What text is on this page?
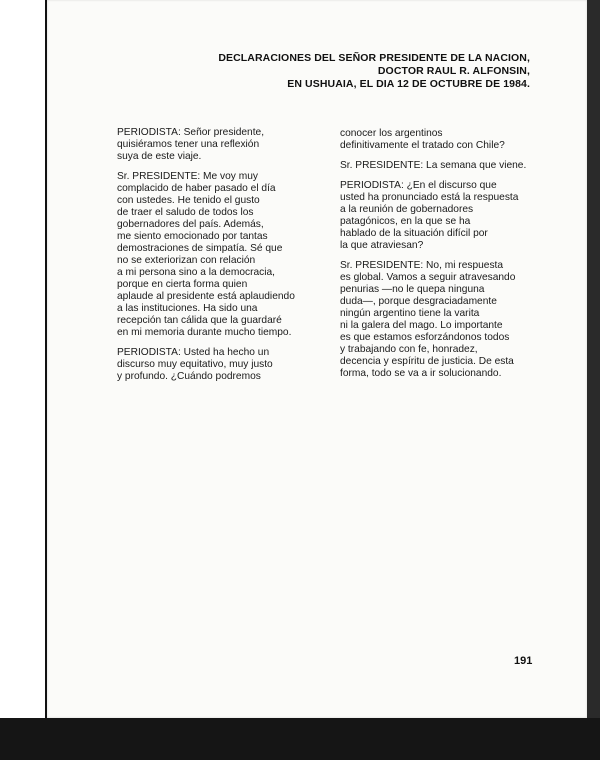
DECLARACIONES DEL SEÑOR PRESIDENTE DE LA NACION,
DOCTOR RAUL R. ALFONSIN,
EN USHUAIA, EL DIA 12 DE OCTUBRE DE 1984.

PERIODISTA: Señor presidente,
quisiéramos tener una reflexión
suya de este viaje.

Sr. PRESIDENTE: Me voy muy
complacido de haber pasado el día
con ustedes. He tenido el gusto
de traer el saludo de todos los
gobernadores del país. Además,
me siento emocionado por tantas
demostraciones de simpatía. Sé que
no se exteriorizan con relación
a mi persona sino a la democracia,
porque en cierta forma quien
aplaude al presidente está aplaudiendo
a las instituciones. Ha sido una
recepción tan cálida que la guardaré
en mi memoria durante mucho tiempo.

PERIODISTA: Usted ha hecho un
discurso muy equitativo, muy justo
y profundo. ¿Cuándo podremos

conocer los argentinos
definitivamente el tratado con Chile?

Sr. PRESIDENTE: La semana que viene.

PERIODISTA: ¿En el discurso que
usted ha pronunciado está la respuesta
a la reunión de gobernadores
patagónicos, en la que se ha
hablado de la situación difícil por
la que atraviesan?

Sr. PRESIDENTE: No, mi respuesta
es global. Vamos a seguir atravesando
penurias —no le quepa ninguna
duda—, porque desgraciadamente
ningún argentino tiene la varita
ni la galera del mago. Lo importante
es que estamos esforzándonos todos
y trabajando con fe, honradez,
decencia y espíritu de justicia. De esta
forma, todo se va a ir solucionando.

191
